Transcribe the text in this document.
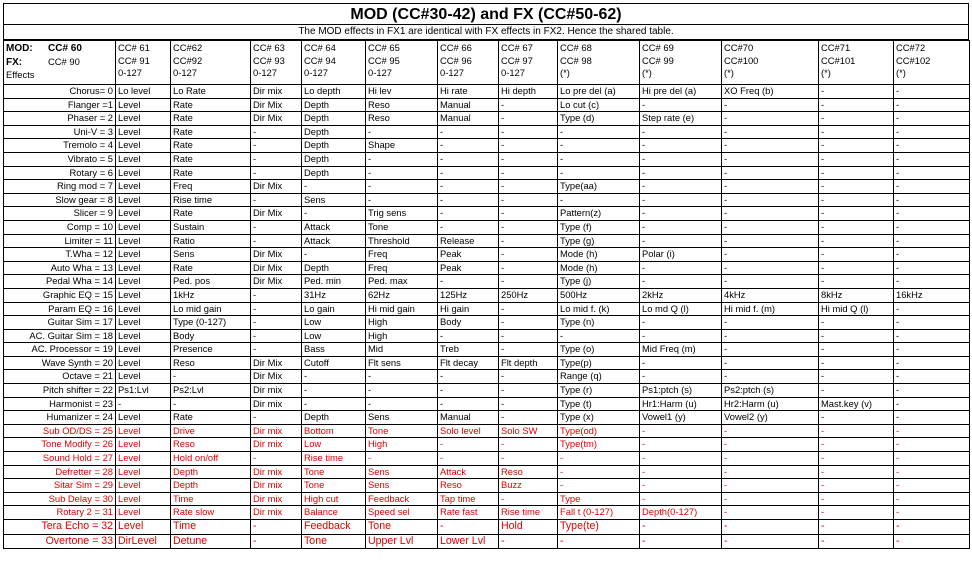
MOD (CC#30-42) and FX (CC#50-62)
The MOD effects in FX1 are identical with FX effects in FX2. Hence the shared table.
MOD: CC# 60
FX: CC# 90
Effects	CC# 61
CC# 91
0-127	CC#62
CC#92
0-127	CC# 63
CC# 93
0-127	CC# 64
CC# 94
0-127	CC# 65
CC# 95
0-127	CC# 66
CC# 96
0-127	CC# 67
CC# 97
0-127	CC# 68
CC# 98
(*)	CC# 69
CC# 99
(*)	CC#70
CC#100
(*)	CC#71
CC#101
(*)	CC#72
CC#102
(*)
Chorus= 0	Lo level	Lo Rate	Dir mix	Lo depth	Hi lev	Hi rate	Hi depth	Lo pre del (a)	Hi pre del (a)	XO Freq (b)	-	-
Flanger =1	Level	Rate	Dir Mix	Depth	Reso	Manual	-	Lo cut (c)	-	-	-	-
Phaser = 2	Level	Rate	Dir Mix	Depth	Reso	Manual	-	Type (d)	Step rate (e)	-	-	-
Uni-V = 3	Level	Rate	-	Depth	-	-	-	-	-	-	-	-
Tremolo = 4	Level	Rate	-	Depth	Shape	-	-	-	-	-	-	-
Vibrato = 5	Level	Rate	-	Depth	-	-	-	-	-	-	-	-
Rotary = 6	Level	Rate	-	Depth	-	-	-	-	-	-	-	-
Ring mod = 7	Level	Freq	Dir Mix	-	-	-	-	Type(aa)	-	-	-	-
Slow gear = 8	Level	Rise time	-	Sens	-	-	-	-	-	-	-	-
Slicer = 9	Level	Rate	Dir Mix	-	Trig sens	-	-	Pattern(z)	-	-	-	-
Comp = 10	Level	Sustain	-	Attack	Tone	-	-	Type (f)	-	-	-	-
Limiter = 11	Level	Ratio	-	Attack	Threshold	Release	-	Type (g)	-	-	-	-
T.Wha = 12	Level	Sens	Dir Mix	-	Freq	Peak	-	Mode (h)	Polar (i)	-	-	-
Auto Wha = 13	Level	Rate	Dir Mix	Depth	Freq	Peak	-	Mode (h)	-	-	-	-
Pedal Wha = 14	Level	Ped. pos	Dir Mix	Ped. min	Ped. max	-	-	Type (j)	-	-	-	-
Graphic EQ = 15	Level	1kHz	-	31Hz	62Hz	125Hz	250Hz	500Hz	2kHz	4kHz	8kHz	16kHz
Param EQ = 16	Level	Lo mid gain	-	Lo gain	Hi mid gain	Hi gain	-	Lo mid f. (k)	Lo md Q (l)	Hi mid f. (m)	Hi mid Q (l)	-
Guitar Sim = 17	Level	Type (0-127)	-	Low	High	Body	-	Type (n)	-	-	-	-
AC. Guitar Sim = 18	Level	Body	-	Low	High	-	-	-	-	-	-	-
AC. Processor = 19	Level	Presence	-	Bass	Mid	Treb	-	Type (o)	Mid Freq (m)	-	-	-
Wave Synth = 20	Level	Reso	Dir Mix	Cutoff	Flt sens	Flt decay	Flt depth	Type(p)	-	-	-	-
Octave = 21	Level	-	Dir Mix	-	-	-	-	Range (q)	-	-	-	-
Pitch shifter = 22	Ps1:Lvl	Ps2:Lvl	Dir mix	-	-	-	-	Type (r)	Ps1:ptch (s)	Ps2:ptch (s)	-	-
Harmonist = 23	-	-	Dir mix	-	-	-	-	Type (t)	Hr1:Harm (u)	Hr2:Harm (u)	Mast.key (v)	-
Humanizer = 24	Level	Rate	-	Depth	Sens	Manual	-	Type (x)	Vowel1 (y)	Vowel2 (y)	-	-
Sub OD/DS = 25	Level	Drive	Dir mix	Bottom	Tone	Solo level	Solo SW	Type(od)	-	-	-	-
Tone Modify = 26	Level	Reso	Dir mix	Low	High	-	-	Type(tm)	-	-	-	-
Sound Hold = 27	Level	Hold on/off	-	Rise time	-	-	-	-	-	-	-	-
Defretter = 28	Level	Depth	Dir mix	Tone	Sens	Attack	Reso	-	-	-	-	-
Sitar Sim = 29	Level	Depth	Dir mix	Tone	Sens	Reso	Buzz	-	-	-	-	-
Sub Delay = 30	Level	Time	Dir mix	High cut	Feedback	Tap time	-	Type	-	-	-	-
Rotary 2 = 31	Level	Rate slow	Dir mix	Balance	Speed sel	Rate fast	Rise time	Fall t (0-127)	Depth(0-127)	-	-	-
Tera Echo = 32	Level	Time	-	Feedback	Tone	-	Hold	Type(te)	-	-	-	-
Overtone = 33	DirLevel	Detune	-	Tone	Upper Lvl	Lower Lvl	-	-	-	-	-	-
